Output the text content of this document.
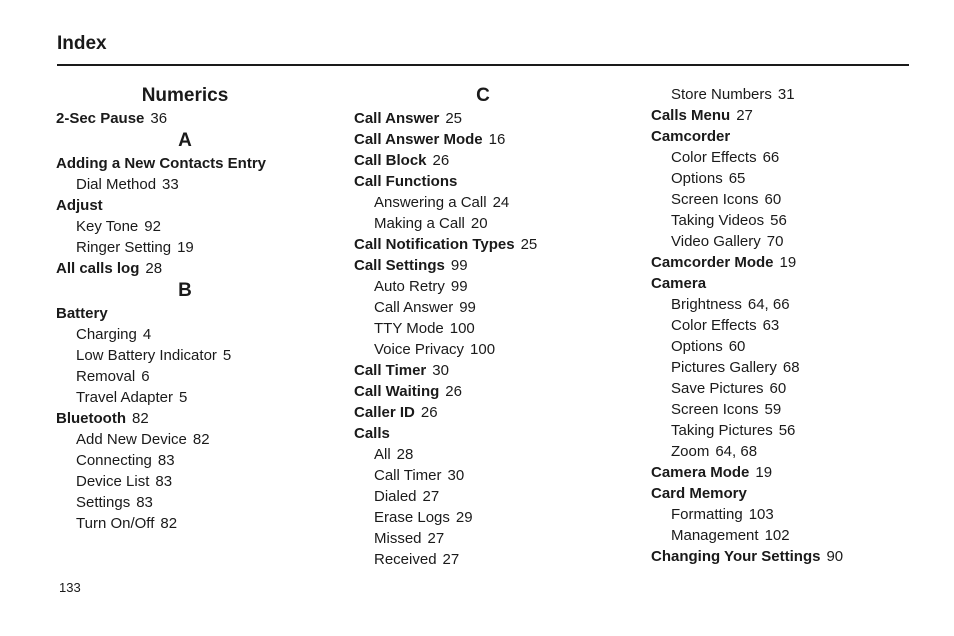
Index
Numerics
2-Sec Pause 36
A
Adding a New Contacts Entry
Dial Method 33
Adjust
Key Tone 92
Ringer Setting 19
All calls log 28
B
Battery
Charging 4
Low Battery Indicator 5
Removal 6
Travel Adapter 5
Bluetooth 82
Add New Device 82
Connecting 83
Device List 83
Settings 83
Turn On/Off 82
C
Call Answer 25
Call Answer Mode 16
Call Block 26
Call Functions
Answering a Call 24
Making a Call 20
Call Notification Types 25
Call Settings 99
Auto Retry 99
Call Answer 99
TTY Mode 100
Voice Privacy 100
Call Timer 30
Call Waiting 26
Caller ID 26
Calls
All 28
Call Timer 30
Dialed 27
Erase Logs 29
Missed 27
Received 27
Store Numbers 31
Calls Menu 27
Camcorder
Color Effects 66
Options 65
Screen Icons 60
Taking Videos 56
Video Gallery 70
Camcorder Mode 19
Camera
Brightness 64, 66
Color Effects 63
Options 60
Pictures Gallery 68
Save Pictures 60
Screen Icons 59
Taking Pictures 56
Zoom 64, 68
Camera Mode 19
Card Memory
Formatting 103
Management 102
Changing Your Settings 90
133
